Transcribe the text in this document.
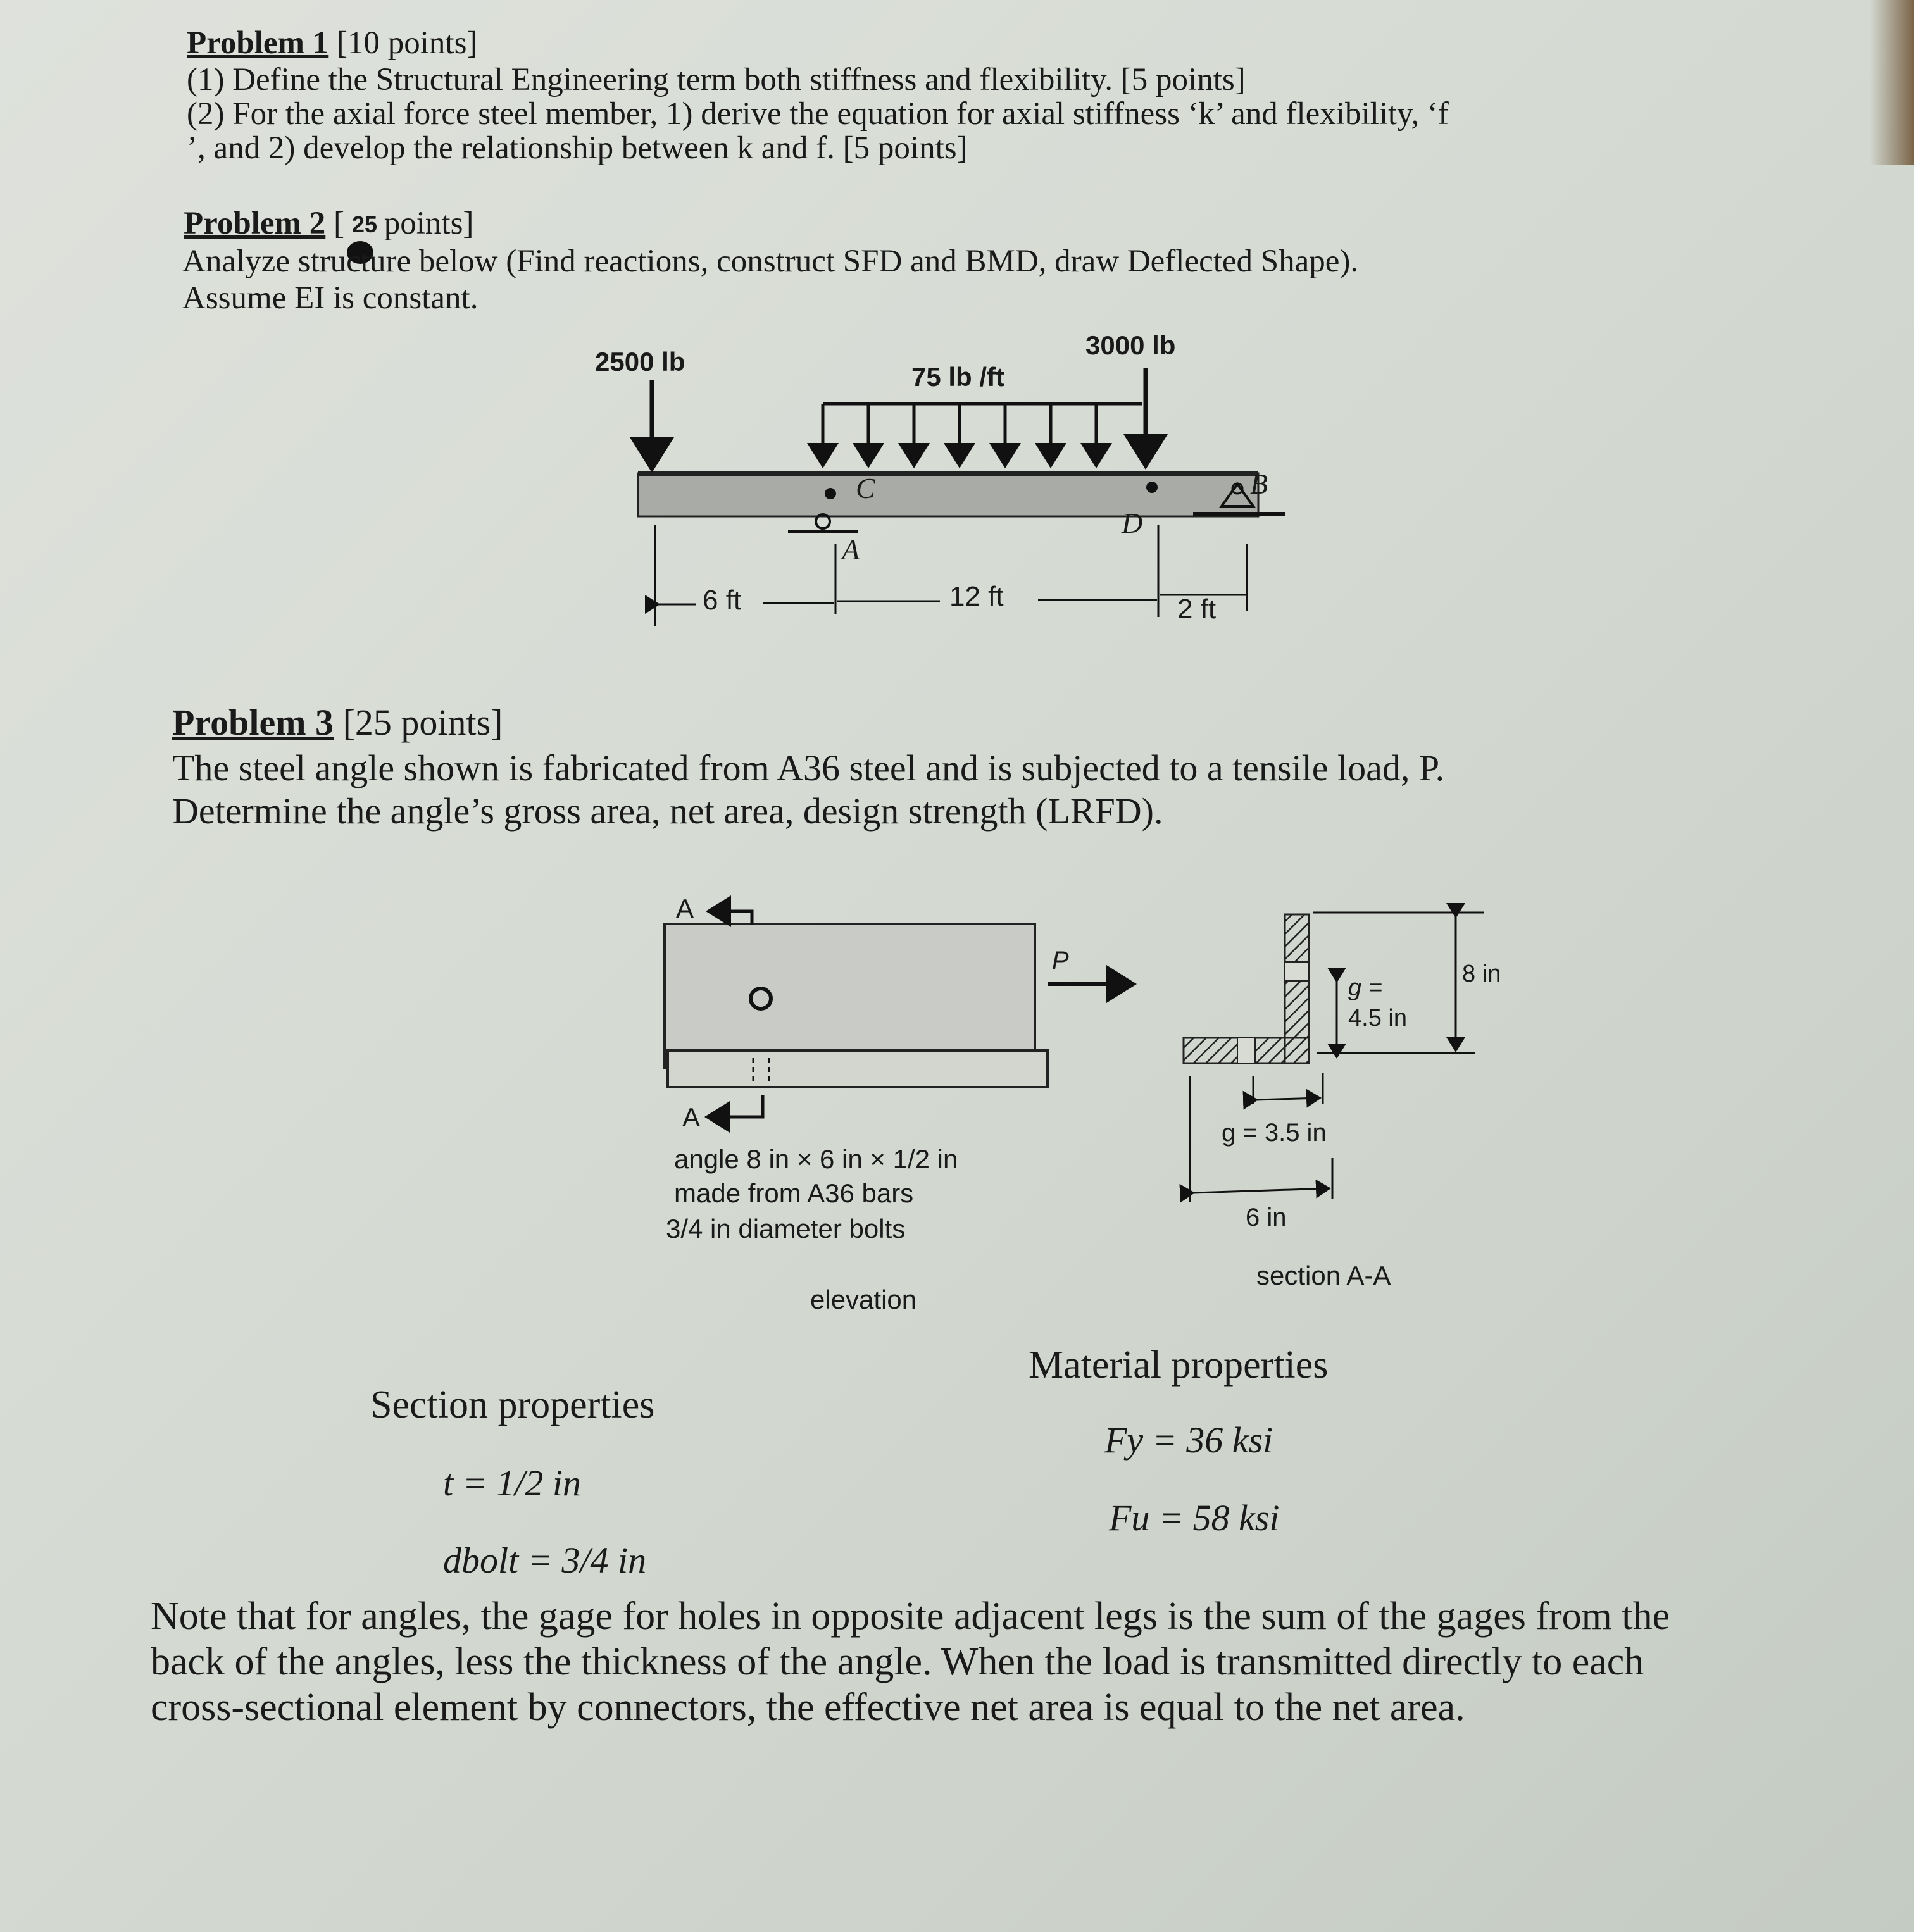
Problem 1 [10 points]
(1) Define the Structural Engineering term both stiffness and flexibility. [5 points]
(2) For the axial force steel member, 1) derive the equation for axial stiffness ‘k’ and flexibility, ‘f
’, and 2) develop the relationship between k and f. [5 points]
Problem 2 [ 25 points]
Analyze structure below (Find reactions, construct SFD and BMD, draw Deflected Shape).
Assume EI is constant.
2500 lb
75 lb /ft
3000 lb
C
A
D
B
6 ft	12 ft	2 ft
Problem 3 [25 points]
The steel angle shown is fabricated from A36 steel and is subjected to a tensile load, P.
Determine the angle’s gross area, net area, design strength (LRFD).
A
A
P
angle 8 in × 6 in × 1/2 in
made from A36 bars
3/4 in diameter bolts
elevation
g =
4.5 in
8 in
g = 3.5 in
6 in
section A-A
Section properties
t = 1/2 in
dbolt = 3/4 in
Material properties
Fy = 36 ksi
Fu = 58 ksi
Note that for angles, the gage for holes in opposite adjacent legs is the sum of the gages from the
back of the angles, less the thickness of the angle. When the load is transmitted directly to each
cross-sectional element by connectors, the effective net area is equal to the net area.
